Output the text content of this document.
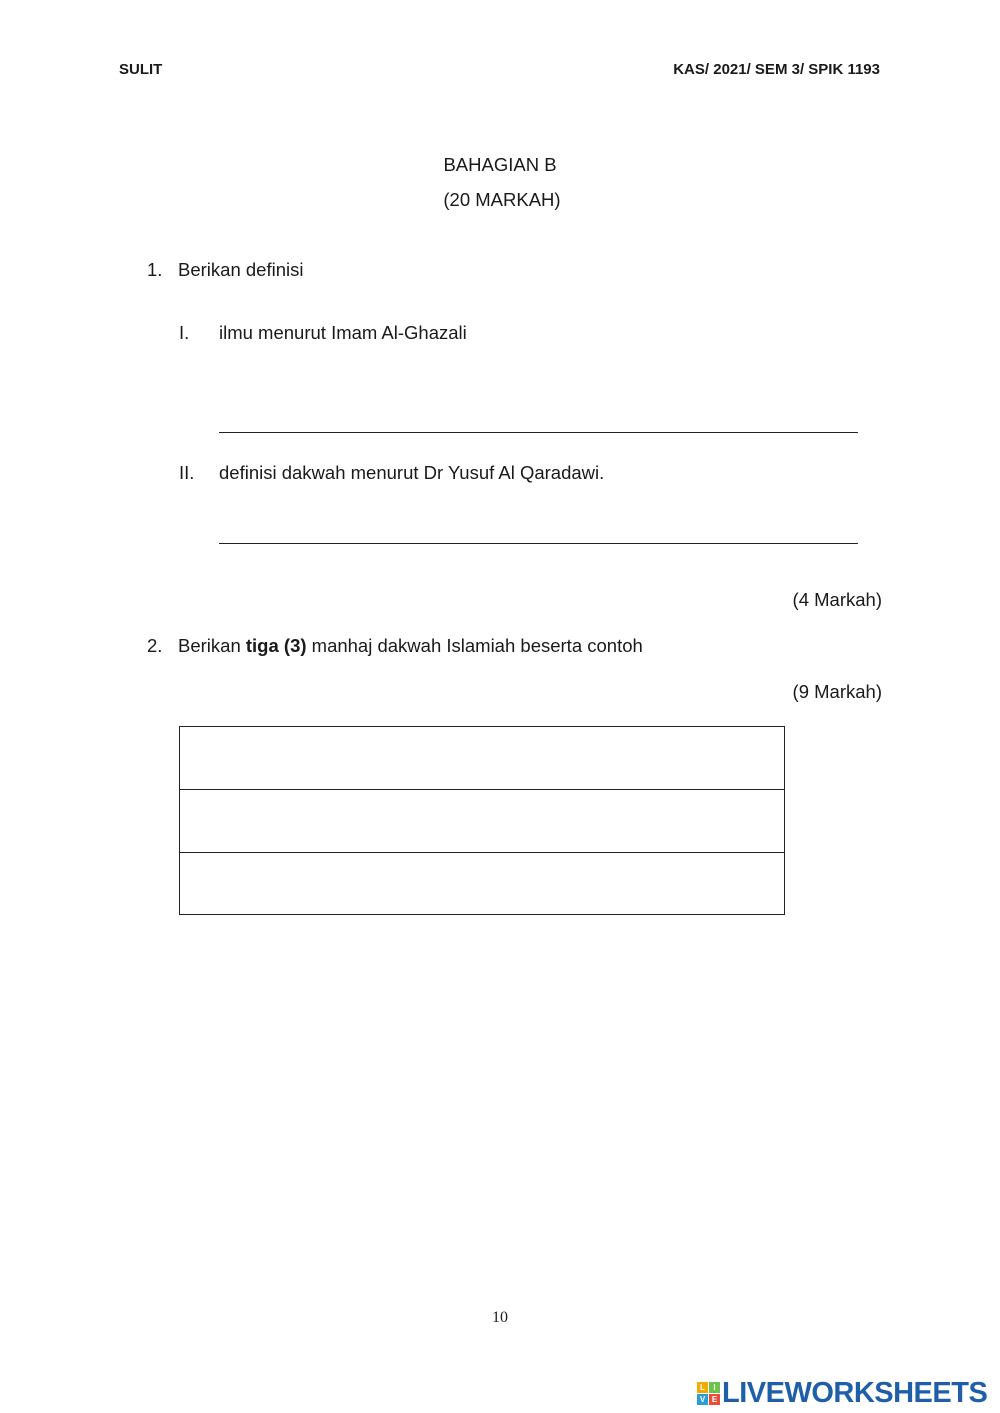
SULIT	KAS/ 2021/ SEM 3/ SPIK 1193
BAHAGIAN B
(20 MARKAH)
1. Berikan definisi
I. ilmu menurut Imam Al-Ghazali
II. definisi dakwah menurut Dr Yusuf Al Qaradawi.
(4 Markah)
2. Berikan tiga (3) manhaj dakwah Islamiah beserta contoh
(9 Markah)
10
L	I
V E LIVEWORKSHEETS
